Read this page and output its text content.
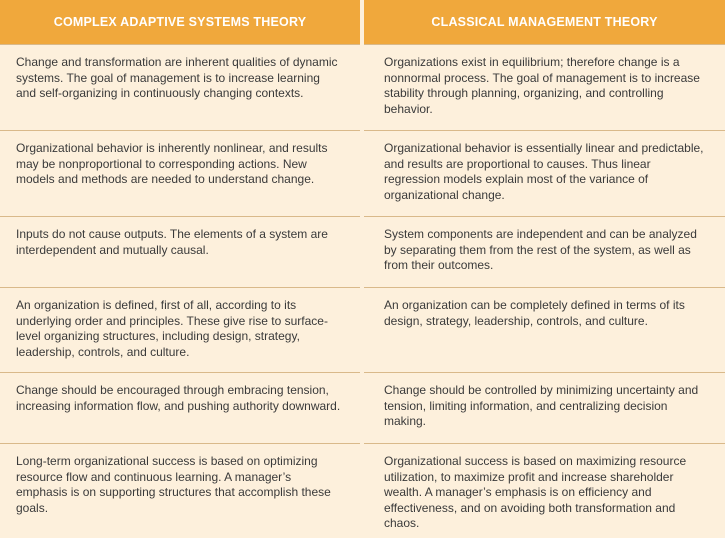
COMPLEX ADAPTIVE SYSTEMS THEORY		CLASSICAL MANAGEMENT THEORY
Change and transformation are inherent qualities of dynamic systems. The goal of management is to increase learning and self-organizing in continuously changing contexts.		Organizations exist in equilibrium; therefore change is a nonnormal process. The goal of management is to increase stability through planning, organizing, and controlling behavior.

Organizational behavior is inherently nonlinear, and results may be nonproportional to corresponding actions. New models and methods are needed to understand change.		Organizational behavior is essentially linear and predictable, and results are proportional to causes. Thus linear regression models explain most of the variance of organizational change.

Inputs do not cause outputs. The elements of a system are interdependent and mutually causal.		System components are independent and can be analyzed by separating them from the rest of the system, as well as from their outcomes.

An organization is defined, first of all, according to its underlying order and principles. These give rise to surface-level organizing structures, including design, strategy, leadership, controls, and culture.		An organization can be completely defined in terms of its design, strategy, leadership, controls, and culture.

Change should be encouraged through embracing tension, increasing information flow, and pushing authority downward.		Change should be controlled by minimizing uncertainty and tension, limiting information, and centralizing decision making.

Long-term organizational success is based on optimizing resource flow and continuous learning. A manager’s emphasis is on supporting structures that accomplish these goals.		Organizational success is based on maximizing resource utilization, to maximize profit and increase shareholder wealth. A manager’s emphasis is on efficiency and effectiveness, and on avoiding both transformation and chaos.
